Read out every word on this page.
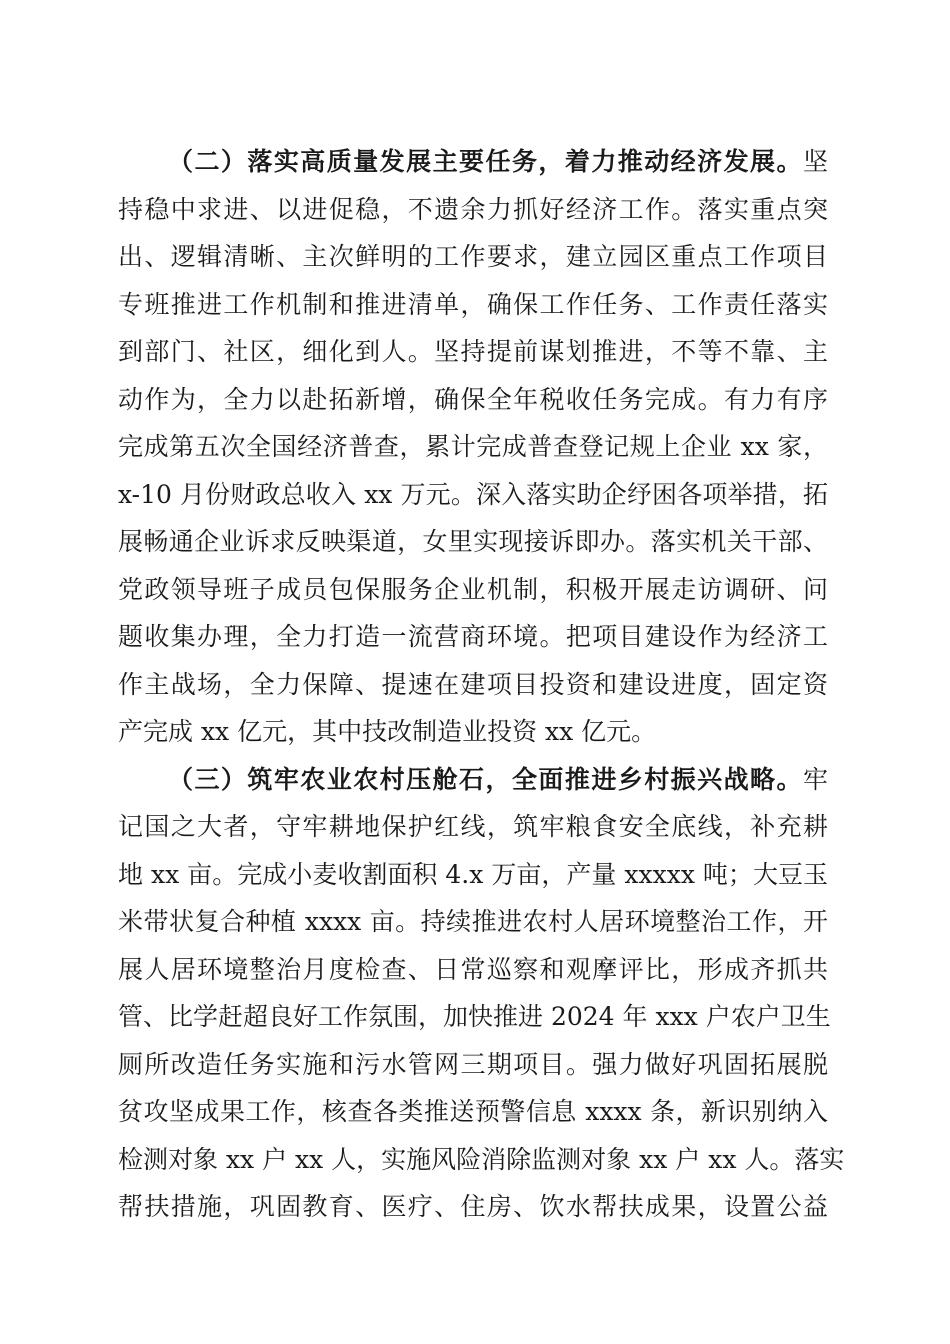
（二）落实高质量发展主要任务，着力推动经济发展。坚
持稳中求进、以进促稳，不遗余力抓好经济工作。落实重点突
出、逻辑清晰、主次鲜明的工作要求，建立园区重点工作项目
专班推进工作机制和推进清单，确保工作任务、工作责任落实
到部门、社区，细化到人。坚持提前谋划推进，不等不靠、主
动作为，全力以赴拓新增，确保全年税收任务完成。有力有序
完成第五次全国经济普查，累计完成普查登记规上企业 xx 家，
x-10 月份财政总收入 xx 万元。深入落实助企纾困各项举措，拓
展畅通企业诉求反映渠道，女里实现接诉即办。落实机关干部、
党政领导班子成员包保服务企业机制，积极开展走访调研、问
题收集办理，全力打造一流营商环境。把项目建设作为经济工
作主战场，全力保障、提速在建项目投资和建设进度，固定资
产完成 xx 亿元，其中技改制造业投资 xx 亿元。
（三）筑牢农业农村压舱石，全面推进乡村振兴战略。牢
记国之大者，守牢耕地保护红线，筑牢粮食安全底线，补充耕
地 xx 亩。完成小麦收割面积 4.x 万亩，产量 xxxxx 吨；大豆玉
米带状复合种植 xxxx 亩。持续推进农村人居环境整治工作，开
展人居环境整治月度检查、日常巡察和观摩评比，形成齐抓共
管、比学赶超良好工作氛围，加快推进 2024 年 xxx 户农户卫生
厕所改造任务实施和污水管网三期项目。强力做好巩固拓展脱
贫攻坚成果工作，核查各类推送预警信息 xxxx 条，新识别纳入
检测对象 xx 户 xx 人，实施风险消除监测对象 xx 户 xx 人。落实
帮扶措施，巩固教育、医疗、住房、饮水帮扶成果，设置公益
